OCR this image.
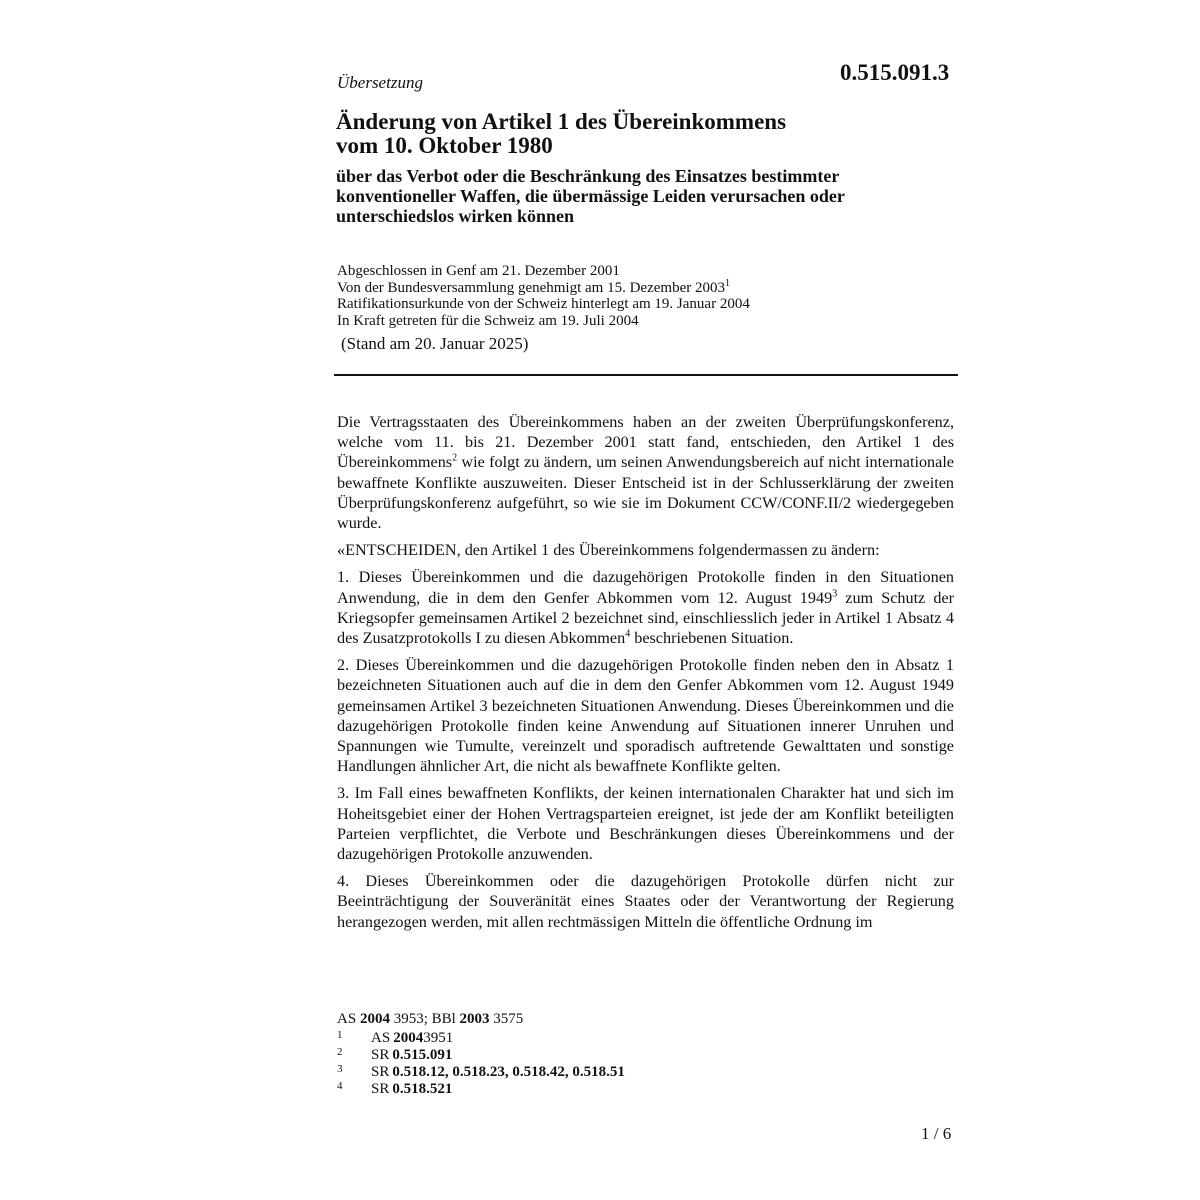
Übersetzung	0.515.091.3
Änderung von Artikel 1 des Übereinkommens
vom 10. Oktober 1980
über das Verbot oder die Beschränkung des Einsatzes bestimmter
konventioneller Waffen, die übermässige Leiden verursachen oder
unterschiedslos wirken können
Abgeschlossen in Genf am 21. Dezember 2001
Von der Bundesversammlung genehmigt am 15. Dezember 2003$^1$
Ratifikationsurkunde von der Schweiz hinterlegt am 19. Januar 2004
In Kraft getreten für die Schweiz am 19. Juli 2004
(Stand am 20. Januar 2025)

Die Vertragsstaaten des Übereinkommens haben an der zweiten Überprüfungskonferenz, welche vom 11. bis 21. Dezember 2001 statt fand, entschieden, den Artikel 1 des Übereinkommens$^2$ wie folgt zu ändern, um seinen Anwendungsbereich auf nicht internationale bewaffnete Konflikte auszuweiten. Dieser Entscheid ist in der Schlusserklärung der zweiten Überprüfungskonferenz aufgeführt, so wie sie im Dokument CCW/CONF.II/2 wiedergegeben wurde.

«ENTSCHEIDEN, den Artikel 1 des Übereinkommens folgendermassen zu ändern:

1. Dieses Übereinkommen und die dazugehörigen Protokolle finden in den Situationen Anwendung, die in dem den Genfer Abkommen vom 12. August 1949$^3$ zum Schutz der Kriegsopfer gemeinsamen Artikel 2 bezeichnet sind, einschliesslich jeder in Artikel 1 Absatz 4 des Zusatzprotokolls I zu diesen Abkommen$^4$ beschriebenen Situation.

2. Dieses Übereinkommen und die dazugehörigen Protokolle finden neben den in Absatz 1 bezeichneten Situationen auch auf die in dem den Genfer Abkommen vom 12. August 1949 gemeinsamen Artikel 3 bezeichneten Situationen Anwendung. Dieses Übereinkommen und die dazugehörigen Protokolle finden keine Anwendung auf Situationen innerer Unruhen und Spannungen wie Tumulte, vereinzelt und sporadisch auftretende Gewalttaten und sonstige Handlungen ähnlicher Art, die nicht als bewaffnete Konflikte gelten.

3. Im Fall eines bewaffneten Konflikts, der keinen internationalen Charakter hat und sich im Hoheitsgebiet einer der Hohen Vertragsparteien ereignet, ist jede der am Konflikt beteiligten Parteien verpflichtet, die Verbote und Beschränkungen dieses Übereinkommens und der dazugehörigen Protokolle anzuwenden.

4. Dieses Übereinkommen oder die dazugehörigen Protokolle dürfen nicht zur Beeinträchtigung der Souveränität eines Staates oder der Verantwortung der Regierung herangezogen werden, mit allen rechtmässigen Mitteln die öffentliche Ordnung im

AS 2004 3953; BBl 2003 3575
1	AS
  2004 3951
2	SR
  0.515.091
3	SR
  0.518.12, 0.518.23, 0.518.42, 0.518.51
4	SR
  0.518.521
1 / 6
